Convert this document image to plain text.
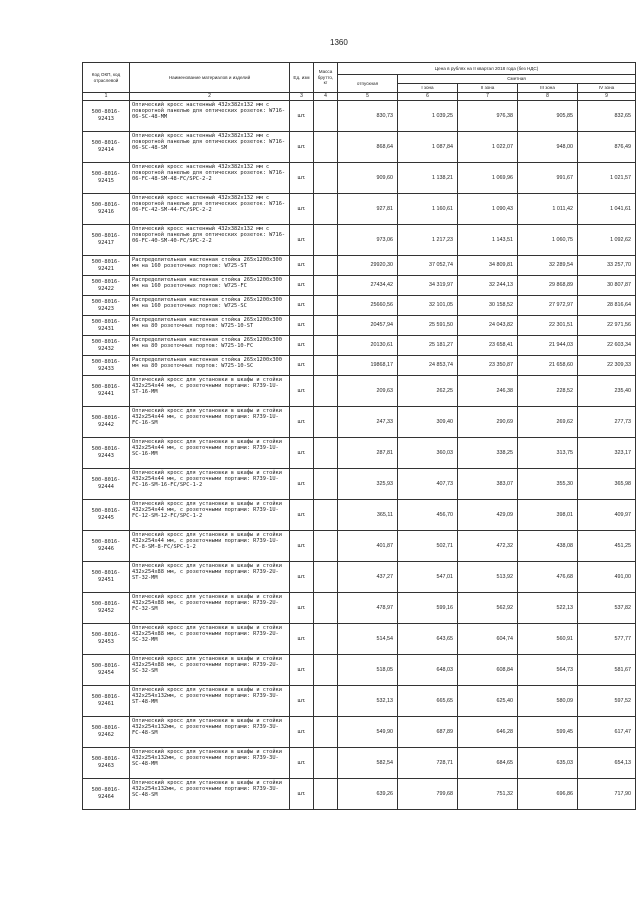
1360
Код ОКП, код отраслевой	Наименование материалов и изделий	Ед. изм	Масса брутто, кг	Цена в рублях на II квартал 2018 года (без НДС)				
				отпускная	Сметная			
					I зона	II зона	III зона	IV зона
1	2	3	4	5	6	7	8	9
500-8016-92413	Оптический кросс настенный 432x382x132 мм с поворотной панелью для оптических розеток: W716-06-SC-48-MM	шт.		830,73	1 039,25	976,38	905,85	832,65
500-8016-92414	Оптический кросс настенный 432x382x132 мм с поворотной панелью для оптических розеток: W716-06-SC-48-SM	шт.		868,64	1 087,84	1 022,07	948,00	876,49
500-8016-92415	Оптический кросс настенный 432x382x132 мм с поворотной панелью для оптических розеток: W716-06-FC-48-SM-48-FC/SPC-2-2	шт.		909,60	1 138,21	1 069,96	991,67	1 021,57
500-8016-92416	Оптический кросс настенный 432x382x132 мм с поворотной панелью для оптических розеток: W716-06-FC-42-SM-44-FC/SPC-2-2	шт.		927,81	1 160,61	1 090,43	1 011,42	1 041,61
500-8016-92417	Оптический кросс настенный 432x382x132 мм с поворотной панелью для оптических розеток: W716-06-FC-40-SM-40-FC/SPC-2-2	шт.		973,06	1 217,23	1 143,51	1 060,75	1 092,62
500-8016-92421	Распределительная настенная стойка 265x1200x300 мм на 160 розеточных портов: W725-ST	шт.		29920,30	37 052,74	34 809,81	32 289,54	33 257,70
500-8016-92422	Распределительная настенная стойка 265x1200x300 мм на 160 розеточных портов: W725-FC	шт.		27434,42	34 319,97	32 244,13	29 868,89	30 807,87
500-8016-92423	Распределительная настенная стойка 265x1200x300 мм на 160 розеточных портов: W725-SC	шт.		25660,56	32 101,05	30 158,52	27 972,97	28 816,64
500-8016-92431	Распределительная настенная стойка 265x1200x300 мм на 80 розеточных портов: W725-10-ST	шт.		20457,94	25 591,50	24 043,82	22 301,51	22 971,56
500-8016-92432	Распределительная настенная стойка 265x1200x300 мм на 80 розеточных портов: W725-10-FC	шт.		20130,61	25 181,27	23 658,41	21 944,03	22 603,34
500-8016-92433	Распределительная настенная стойка 265x1200x300 мм на 80 розеточных портов: W725-10-SC	шт.		19868,17	24 853,74	23 350,87	21 658,60	22 309,33
500-8016-92441	Оптический кросс для установки в шкафы и стойки 432x254x44 мм, с розеточными портами: R739-1U-ST-16-MM	шт.		209,63	262,25	246,38	228,52	235,40
500-8016-92442	Оптический кросс для установки в шкафы и стойки 432x254x44 мм, с розеточными портами: R739-1U-FC-16-SM	шт.		247,33	309,40	290,69	269,62	277,73
500-8016-92443	Оптический кросс для установки в шкафы и стойки 432x254x44 мм, с розеточными портами: R739-1U-SC-16-MM	шт.		287,81	360,03	338,25	313,75	323,17
500-8016-92444	Оптический кросс для установки в шкафы и стойки 432x254x44 мм, с розеточными портами: R739-1U-FC-16-SM-16-FC/SPC-1-2	шт.		325,93	407,73	383,07	355,30	365,98
500-8016-92445	Оптический кросс для установки в шкафы и стойки 432x254x44 мм, с розеточными портами: R739-1U-FC-12-SM-12-FC/SPC-1-2	шт.		365,11	456,70	429,09	398,01	409,97
500-8016-92446	Оптический кросс для установки в шкафы и стойки 432x254x44 мм, с розеточными портами: R739-1U-FC-8-SM-8-FC/SPC-1-2	шт.		401,87	502,71	472,32	438,08	451,25
500-8016-92451	Оптический кросс для установки в шкафы и стойки 432x254x88 мм, с розеточными портами: R739-2U-ST-32-MM	шт.		437,27	547,01	513,92	476,68	491,00
500-8016-92452	Оптический кросс для установки в шкафы и стойки 432x254x88 мм, с розеточными портами: R739-2U-FC-32-SM	шт.		478,97	599,16	562,92	522,13	537,82
500-8016-92453	Оптический кросс для установки в шкафы и стойки 432x254x88 мм, с розеточными портами: R739-2U-SC-32-MM	шт.		514,54	643,65	604,74	560,91	577,77
500-8016-92454	Оптический кросс для установки в шкафы и стойки 432x254x88 мм, с розеточными портами: R739-2U-SC-32-SM	шт.		518,05	648,03	608,84	564,73	581,67
500-8016-92461	Оптический кросс для установки в шкафы и стойки 432x254x132мм, с розеточными портами: R739-3U-ST-48-MM	шт.		532,13	665,65	625,40	580,09	597,52
500-8016-92462	Оптический кросс для установки в шкафы и стойки 432x254x132мм, с розеточными портами: R739-3U-FC-48-SM	шт.		549,90	687,89	646,28	599,45	617,47
500-8016-92463	Оптический кросс для установки в шкафы и стойки 432x254x132мм, с розеточными портами: R739-3U-SC-48-MM	шт.		582,54	728,71	684,65	635,03	654,13
500-8016-92464	Оптический кросс для установки в шкафы и стойки 432x254x132мм, с розеточными портами: R739-3U-SC-48-SM	шт.		639,26	799,68	751,32	696,86	717,90
